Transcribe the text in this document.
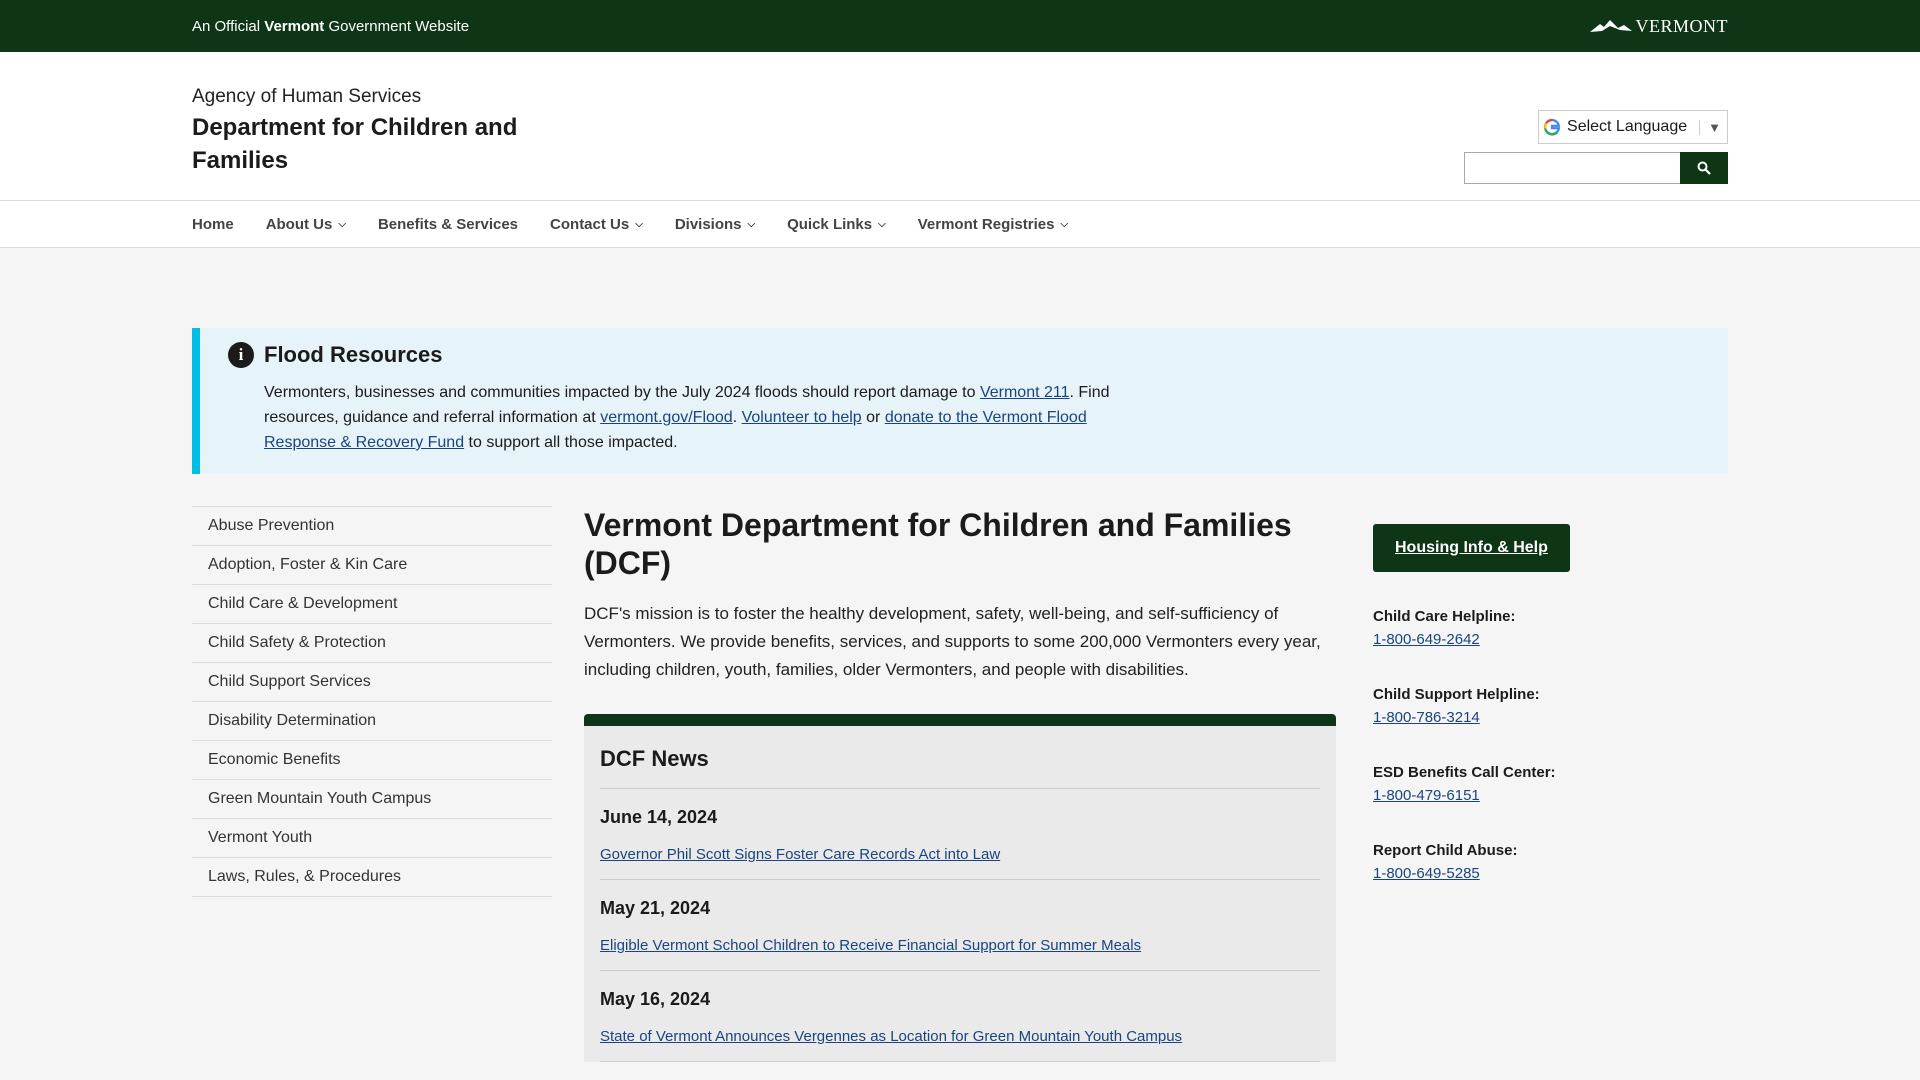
An Official Vermont Government Website	VERMONT
Agency of Human Services
Department for Children and Families
Select Language	▼
Home About Us ⌵ Benefits & Services Contact Us ⌵ Divisions ⌵ Quick Links ⌵ Vermont Registries ⌵
i Flood Resources

Vermonters, businesses and communities impacted by the July 2024 floods should report damage to Vermont 211. Find resources, guidance and referral information at vermont.gov/Flood. Volunteer to help or donate to the Vermont Flood Response & Recovery Fund to support all those impacted.

Abuse Prevention
Adoption, Foster & Kin Care
Child Care & Development
Child Safety & Protection
Child Support Services
Disability Determination
Economic Benefits
Green Mountain Youth Campus
Vermont Youth
Laws, Rules, & Procedures
Vermont Department for Children and Families (DCF)

DCF's mission is to foster the healthy development, safety, well-being, and self-sufficiency of Vermonters. We provide benefits, services, and supports to some 200,000 Vermonters every year, including children, youth, families, older Vermonters, and people with disabilities.

DCF News
June 14, 2024
Governor Phil Scott Signs Foster Care Records Act into Law
May 21, 2024
Eligible Vermont School Children to Receive Financial Support for Summer Meals
May 16, 2024
State of Vermont Announces Vergennes as Location for Green Mountain Youth Campus
Housing Info & Help
Child Care Helpline:
1-800-649-2642
Child Support Helpline:
1-800-786-3214
ESD Benefits Call Center:
1-800-479-6151
Report Child Abuse:
1-800-649-5285
